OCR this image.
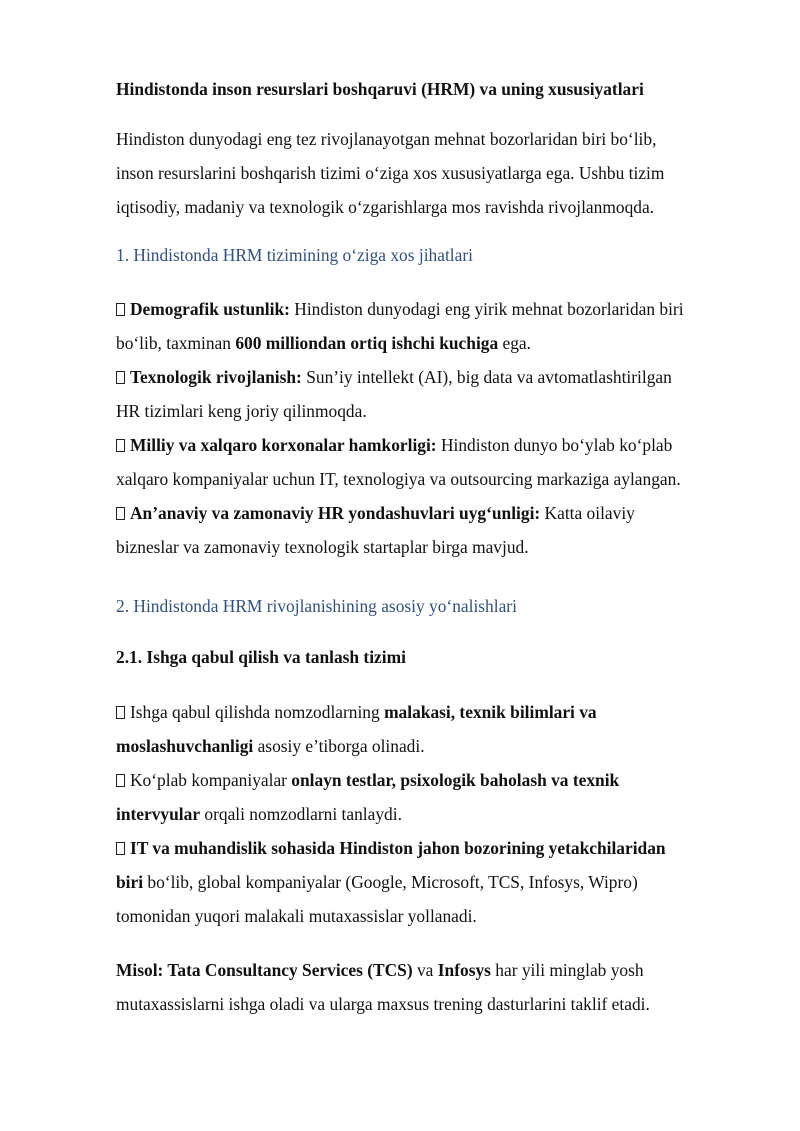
Hindistonda inson resurslari boshqaruvi (HRM) va uning xususiyatlari

Hindiston dunyodagi eng tez rivojlanayotgan mehnat bozorlaridan biri bo‘lib,
inson resurslarini boshqarish tizimi o‘ziga xos xususiyatlarga ega. Ushbu tizim
iqtisodiy, madaniy va texnologik o‘zgarishlarga mos ravishda rivojlanmoqda.

1. Hindistonda HRM tizimining o‘ziga xos jihatlari

Demografik ustunlik: Hindiston dunyodagi eng yirik mehnat bozorlaridan biri
bo‘lib, taxminan 600 milliondan ortiq ishchi kuchiga ega.
Texnologik rivojlanish: Sun’iy intellekt (AI), big data va avtomatlashtirilgan
HR tizimlari keng joriy qilinmoqda.
Milliy va xalqaro korxonalar hamkorligi: Hindiston dunyo bo‘ylab ko‘plab
xalqaro kompaniyalar uchun IT, texnologiya va outsourcing markaziga aylangan.
An’anaviy va zamonaviy HR yondashuvlari uyg‘unligi: Katta oilaviy
bizneslar va zamonaviy texnologik startaplar birga mavjud.

2. Hindistonda HRM rivojlanishining asosiy yo‘nalishlari

2.1. Ishga qabul qilish va tanlash tizimi

Ishga qabul qilishda nomzodlarning malakasi, texnik bilimlari va
moslashuvchanligi asosiy e’tiborga olinadi.
Ko‘plab kompaniyalar onlayn testlar, psixologik baholash va texnik
intervyular orqali nomzodlarni tanlaydi.
IT va muhandislik sohasida Hindiston jahon bozorining yetakchilaridan
biri bo‘lib, global kompaniyalar (Google, Microsoft, TCS, Infosys, Wipro)
tomonidan yuqori malakali mutaxassislar yollanadi.

Misol: Tata Consultancy Services (TCS) va Infosys har yili minglab yosh
mutaxassislarni ishga oladi va ularga maxsus trening dasturlarini taklif etadi.
